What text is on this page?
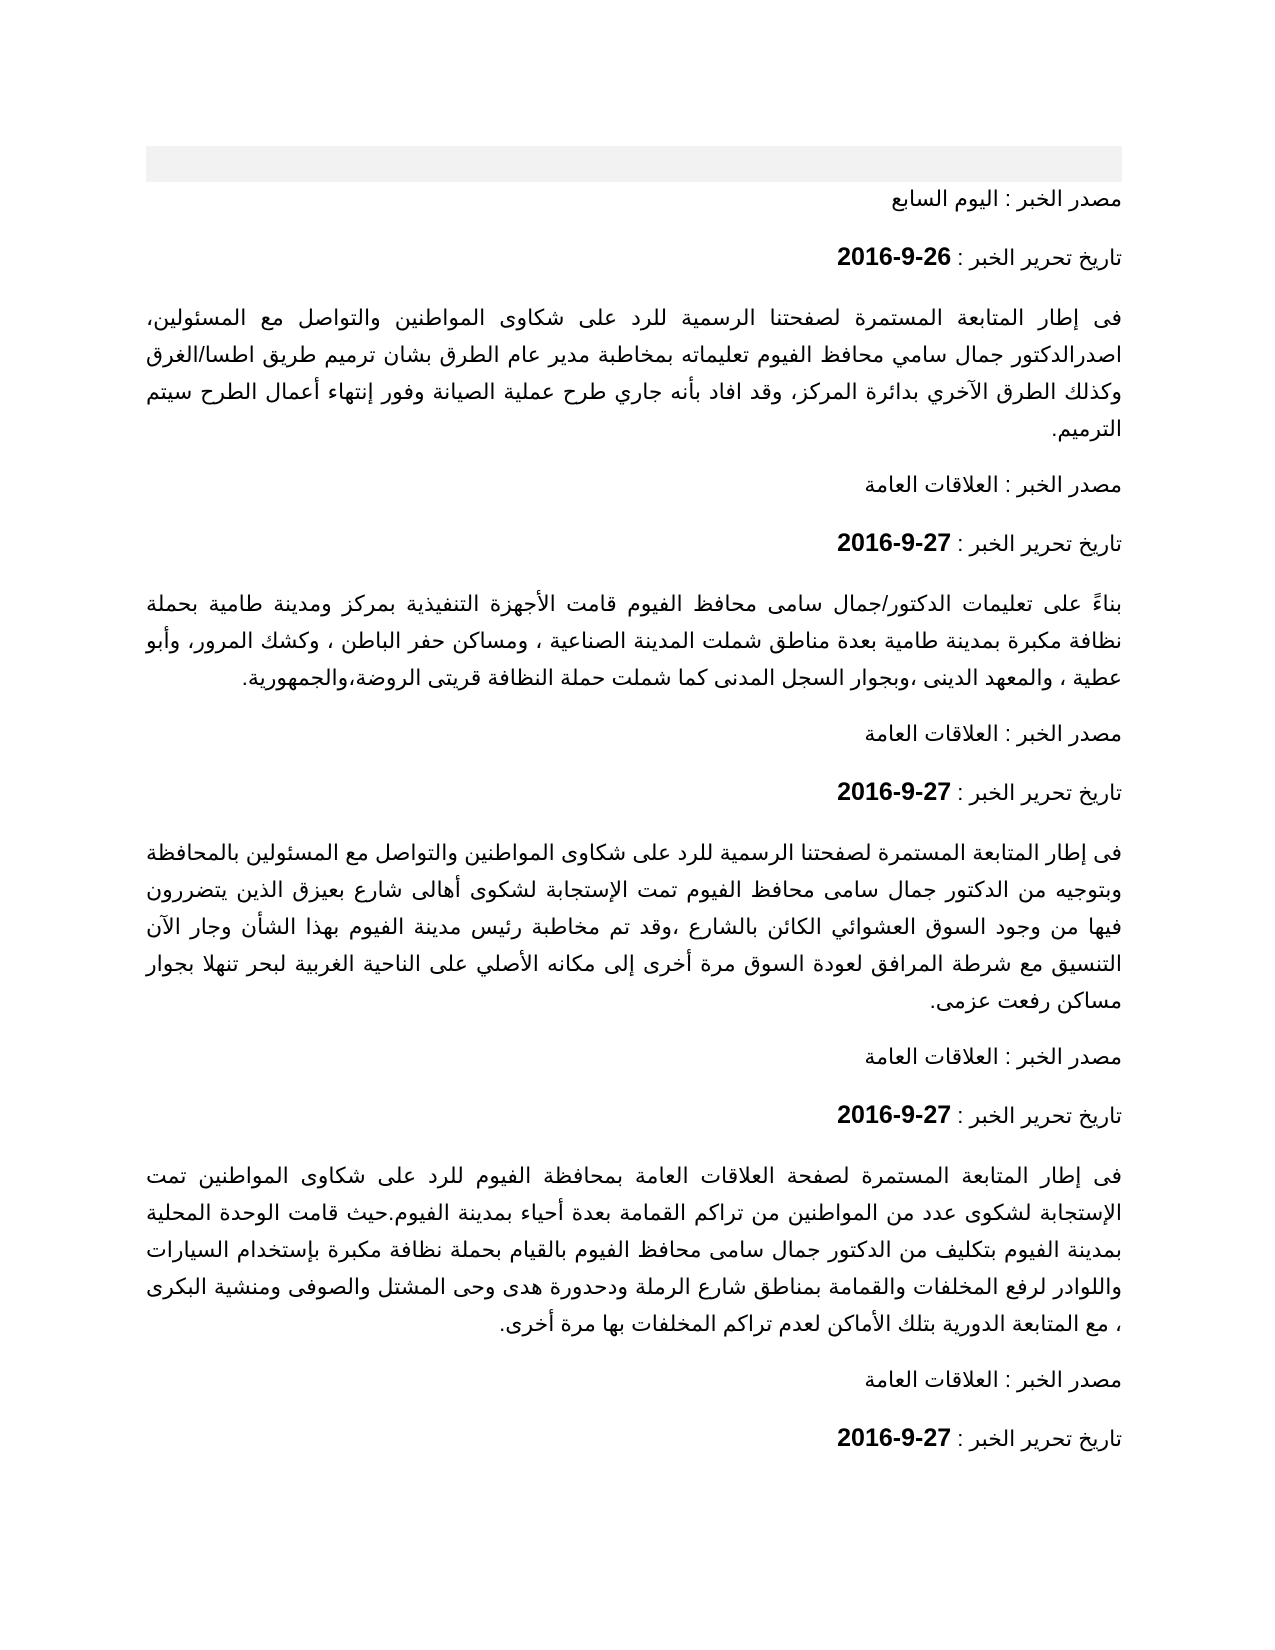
مصدر الخبر : اليوم السابع

تاريخ تحرير الخبر : 2016-9-26

فى إطار المتابعة المستمرة لصفحتنا الرسمية للرد على شكاوى المواطنين والتواصل مع المسئولين، اصدرالدكتور جمال سامي محافظ الفيوم تعليماته بمخاطبة مدير عام الطرق بشان ترميم طريق اطسا/الغرق وكذلك الطرق الآخري بدائرة المركز، وقد افاد بأنه جاري طرح عملية الصيانة وفور إنتهاء أعمال الطرح سيتم الترميم.

مصدر الخبر : العلاقات العامة

تاريخ تحرير الخبر : 2016-9-27

بناءً على تعليمات الدكتور/جمال سامى محافظ الفيوم قامت الأجهزة التنفيذية بمركز ومدينة طامية بحملة نظافة مكبرة بمدينة طامية بعدة مناطق شملت المدينة الصناعية ، ومساكن حفر الباطن ، وكشك المرور، وأبو عطية ، والمعهد الدينى ،وبجوار السجل المدنى كما شملت حملة النظافة قريتى الروضة،والجمهورية.

مصدر الخبر : العلاقات العامة

تاريخ تحرير الخبر : 2016-9-27

فى إطار المتابعة المستمرة لصفحتنا الرسمية للرد على شكاوى المواطنين والتواصل مع المسئولين بالمحافظة وبتوجيه من الدكتور جمال سامى محافظ الفيوم تمت الإستجابة لشكوى أهالى شارع بعيزق الذين يتضررون فيها من وجود السوق العشوائي الكائن بالشارع ،وقد تم مخاطبة رئيس مدينة الفيوم بهذا الشأن وجار الآن التنسيق مع شرطة المرافق لعودة السوق مرة أخرى إلى مكانه الأصلي على الناحية الغربية لبحر تنهلا بجوار مساكن رفعت عزمى.

مصدر الخبر : العلاقات العامة

تاريخ تحرير الخبر : 2016-9-27

فى إطار المتابعة المستمرة لصفحة العلاقات العامة بمحافظة الفيوم للرد على شكاوى المواطنين تمت الإستجابة لشكوى عدد من المواطنين من تراكم القمامة بعدة أحياء بمدينة الفيوم.حيث قامت الوحدة المحلية بمدينة الفيوم بتكليف من الدكتور جمال سامى محافظ الفيوم بالقيام بحملة نظافة مكبرة بإستخدام السيارات واللوادر لرفع المخلفات والقمامة بمناطق شارع الرملة ودحدورة هدى وحى المشتل والصوفى ومنشية البكرى ، مع المتابعة الدورية بتلك الأماكن لعدم تراكم المخلفات بها مرة أخرى.

مصدر الخبر : العلاقات العامة

تاريخ تحرير الخبر : 2016-9-27
